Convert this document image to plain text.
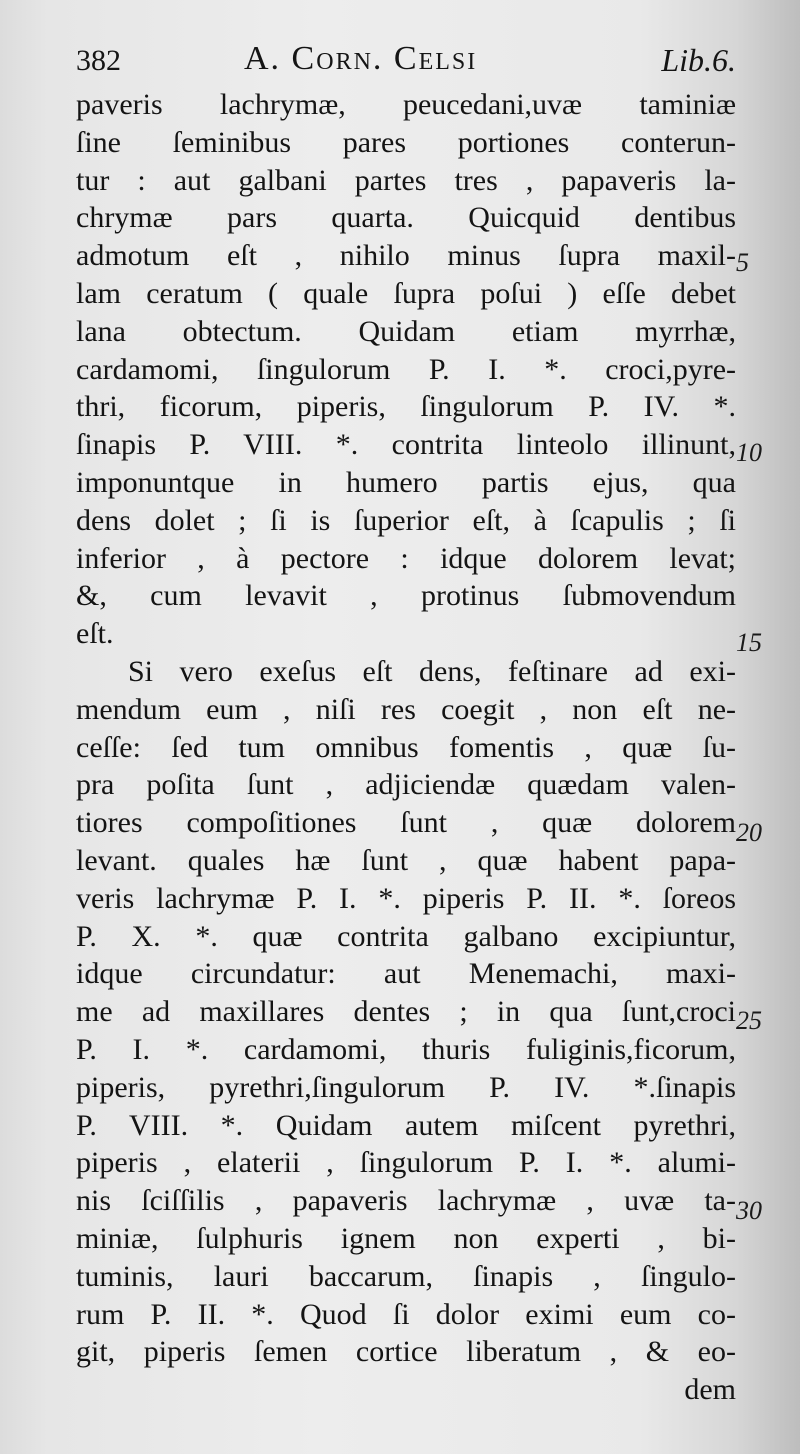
382	A. Corn. Celsi	Lib.6.
paveris lachrymæ, peucedani,uvæ taminiæ
ſine ſeminibus pares portiones conterun-
tur : aut galbani partes tres , papaveris la-
chrymæ pars quarta. Quicquid dentibus
admotum eſt , nihilo minus ſupra maxil-
lam ceratum ( quale ſupra poſui ) eſſe debet
lana obtectum. Quidam etiam myrrhæ,
cardamomi, ſingulorum P. I. *. croci,pyre-
thri, ficorum, piperis, ſingulorum P. IV. *.
ſinapis P. VIII. *. contrita linteolo illinunt,
imponuntque in humero partis ejus, qua
dens dolet ; ſi is ſuperior eſt, à ſcapulis ; ſi
inferior , à pectore : idque dolorem levat;
&, cum levavit , protinus ſubmovendum
eſt.
Si vero exeſus eſt dens, feſtinare ad exi-
mendum eum , niſi res coegit , non eſt ne-
ceſſe: ſed tum omnibus fomentis , quæ ſu-
pra poſita ſunt , adjiciendæ quædam valen-
tiores compoſitiones ſunt , quæ dolorem
levant. quales hæ ſunt , quæ habent papa-
veris lachrymæ P. I. *. piperis P. II. *. ſoreos
P. X. *. quæ contrita galbano excipiuntur,
idque circundatur: aut Menemachi, maxi-
me ad maxillares dentes ; in qua ſunt,croci
P. I. *. cardamomi, thuris fuliginis,ficorum,
piperis, pyrethri,ſingulorum P. IV. *.ſinapis
P. VIII. *. Quidam autem miſcent pyrethri,
piperis , elaterii , ſingulorum P. I. *. alumi-
nis ſciſſilis , papaveris lachrymæ , uvæ ta-
miniæ, ſulphuris ignem non experti , bi-
tuminis, lauri baccarum, ſinapis , ſingulo-
rum P. II. *. Quod ſi dolor eximi eum co-
git, piperis ſemen cortice liberatum , & eo-
dem
5
10
15
20
25
30
